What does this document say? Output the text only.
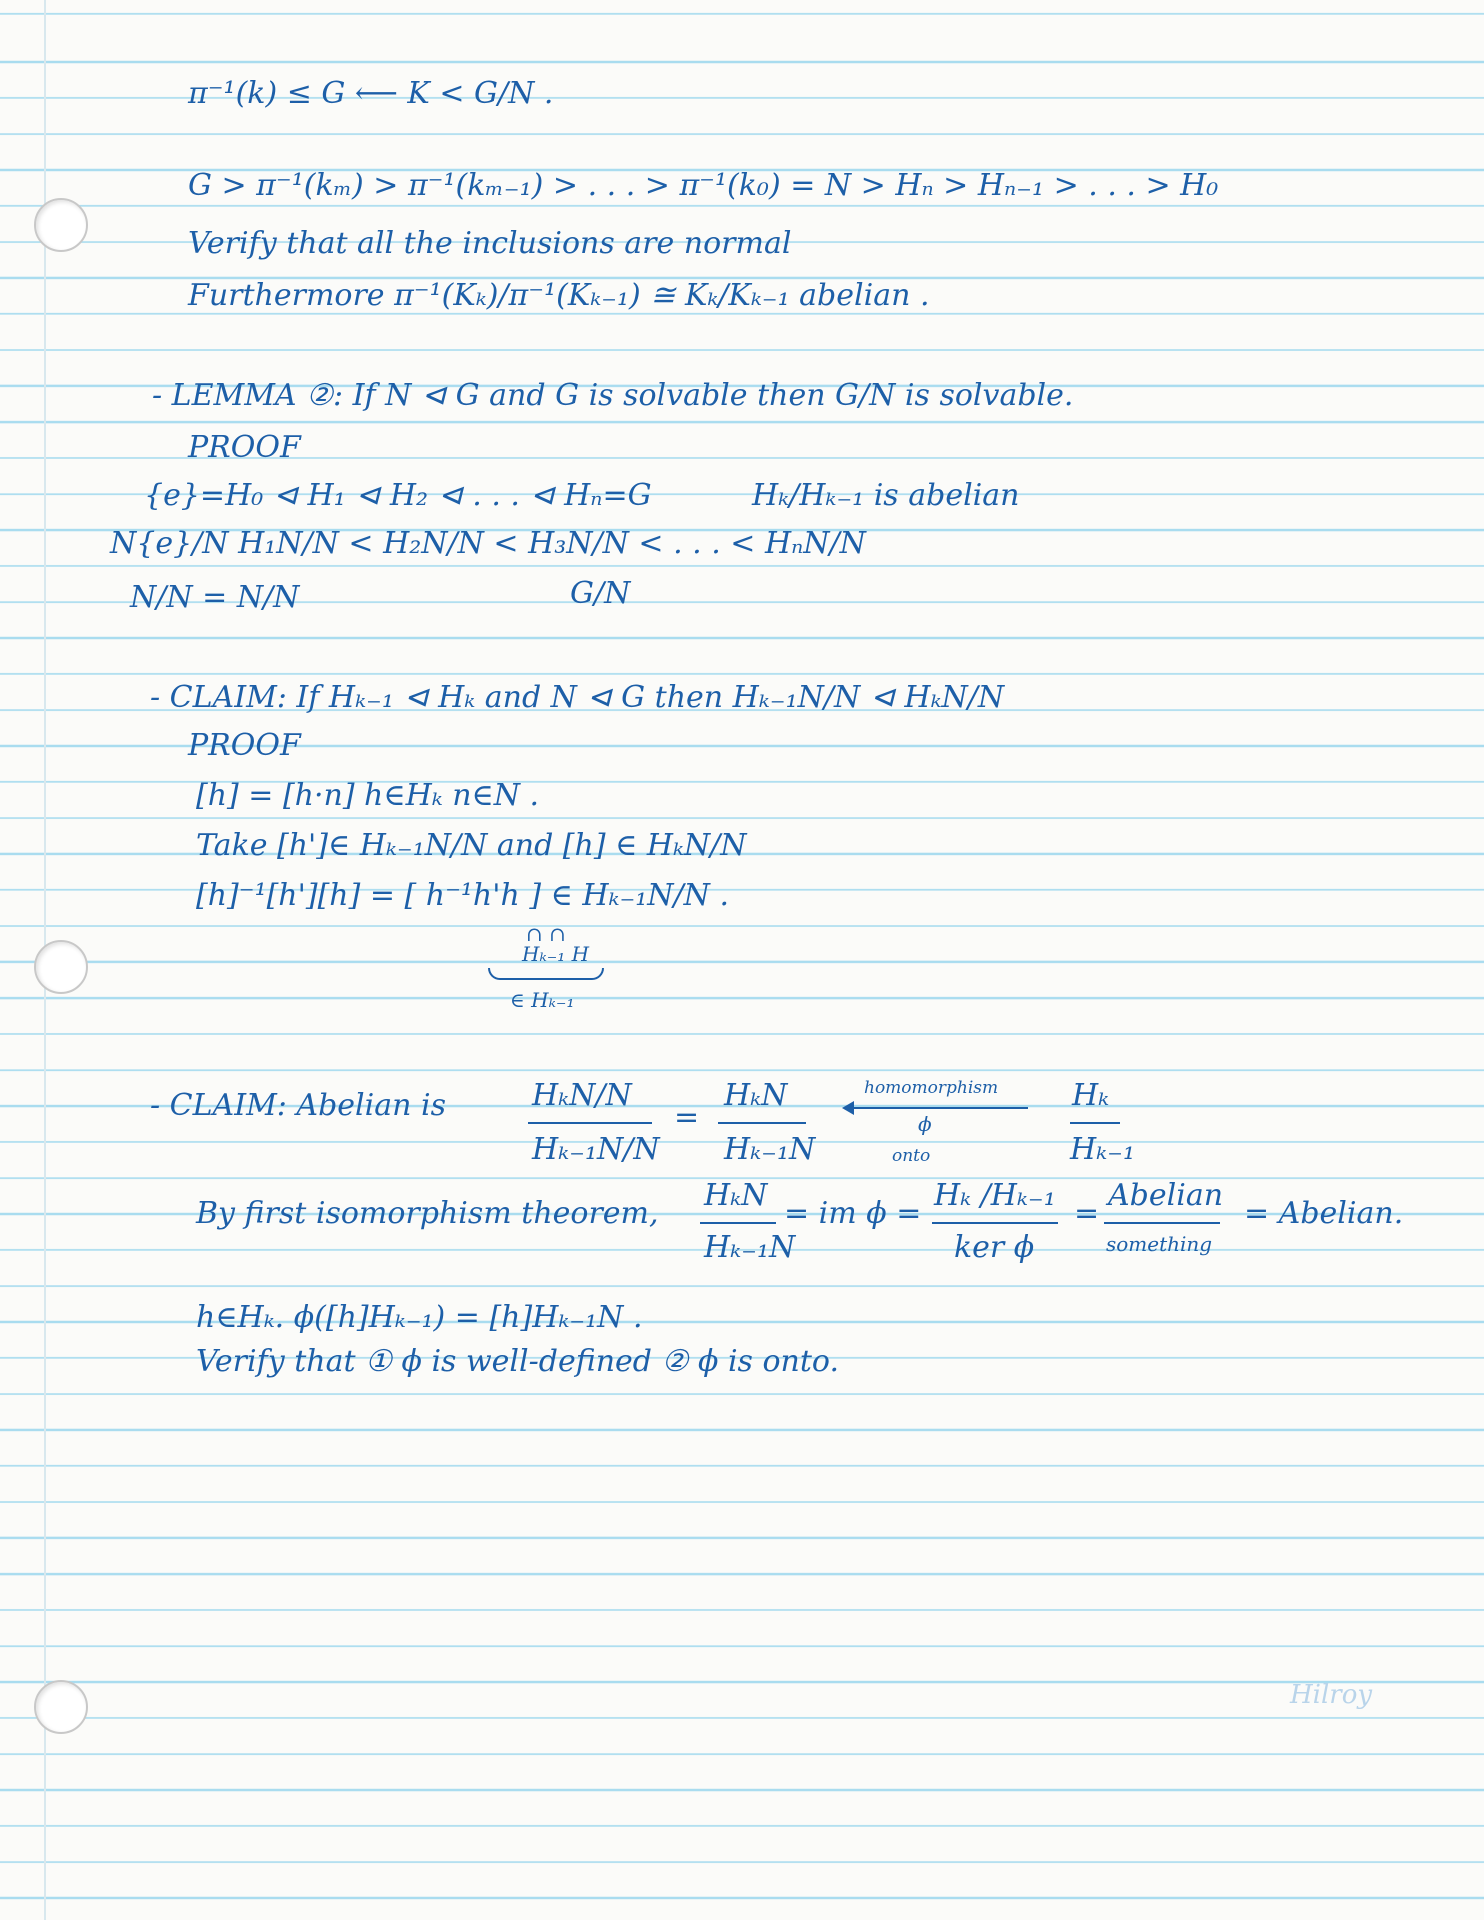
π⁻¹(k) ≤ G ⟵ K < G/N .
G > π⁻¹(kₘ) > π⁻¹(kₘ₋₁) > . . . > π⁻¹(k₀) = N > Hₙ > Hₙ₋₁ > . . . > H₀
Verify that all the inclusions are normal
Furthermore π⁻¹(Kₖ)/π⁻¹(Kₖ₋₁) ≅ Kₖ/Kₖ₋₁ abelian .
- LEMMA ②: If N ⊲ G and G is solvable then G/N is solvable.
PROOF
{e}=H₀ ⊲ H₁ ⊲ H₂ ⊲ . . . ⊲ Hₙ=G	Hₖ/Hₖ₋₁ is abelian
N{e}/N H₁N/N < H₂N/N < H₃N/N < . . . < HₙN/N
N/N = N/N	G/N
- CLAIM: If Hₖ₋₁ ⊲ Hₖ and N ⊲ G then Hₖ₋₁N/N ⊲ HₖN/N
PROOF
[h] = [h·n] h∈Hₖ n∈N .
Take [h']∈ Hₖ₋₁N/N and [h] ∈ HₖN/N
[h]⁻¹[h'][h] = [ h⁻¹h'h ] ∈ Hₖ₋₁N/N .
∩ ∩
Hₖ₋₁ H
∈ Hₖ₋₁
- CLAIM: Abelian is	HₖN/N
Hₖ₋₁N/N
=
HₖN
Hₖ₋₁N
homomorphism
ϕ
onto
Hₖ
Hₖ₋₁
By first isomorphism theorem,
HₖN
Hₖ₋₁N
= im ϕ =
Hₖ /Hₖ₋₁
ker ϕ
=
Abelian
something
= Abelian.
h∈Hₖ. ϕ([h]Hₖ₋₁) = [h]Hₖ₋₁N .
Verify that ① ϕ is well-defined ② ϕ is onto.
Hilroy
